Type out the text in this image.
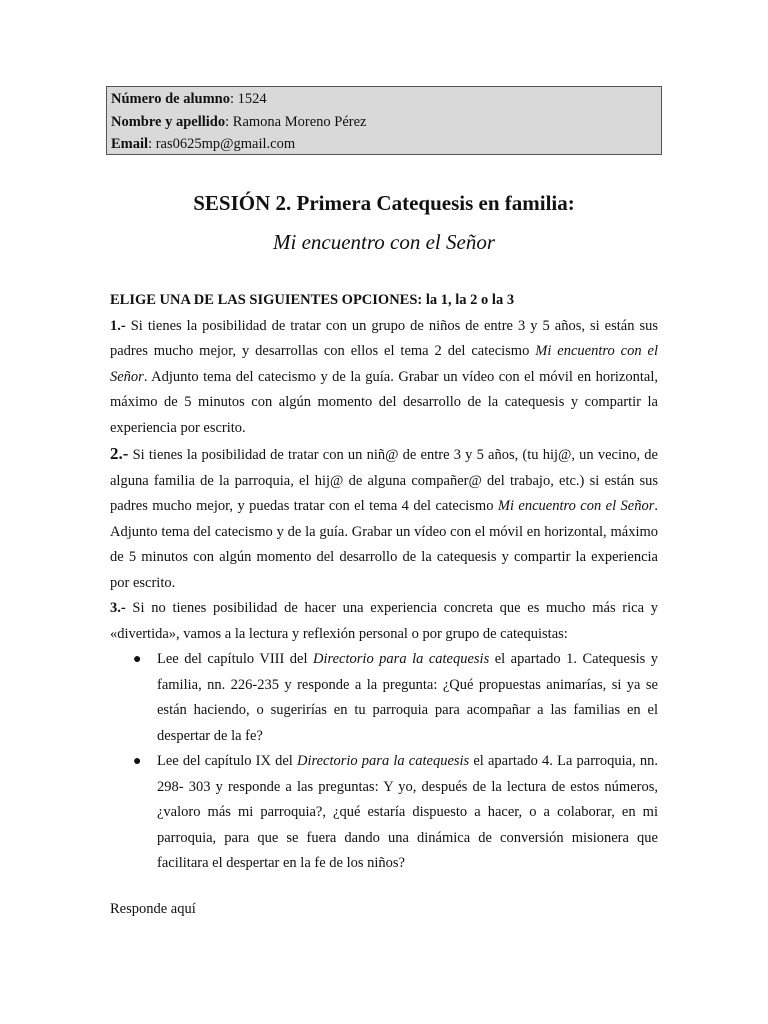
Número de alumno: 1524
Nombre y apellido: Ramona Moreno Pérez
Email: ras0625mp@gmail.com
SESIÓN 2. Primera Catequesis en familia:
Mi encuentro con el Señor

ELIGE UNA DE LAS SIGUIENTES OPCIONES: la 1, la 2 o la 3

1.- Si tienes la posibilidad de tratar con un grupo de niños de entre 3 y 5 años, si están sus padres mucho mejor, y desarrollas con ellos el tema 2 del catecismo Mi encuentro con el Señor. Adjunto tema del catecismo y de la guía. Grabar un vídeo con el móvil en horizontal, máximo de 5 minutos con algún momento del desarrollo de la catequesis y compartir la experiencia por escrito.

2.- Si tienes la posibilidad de tratar con un niñ@ de entre 3 y 5 años, (tu hij@, un vecino, de alguna familia de la parroquia, el hij@ de alguna compañer@ del trabajo, etc.) si están sus padres mucho mejor, y puedas tratar con el tema 4 del catecismo Mi encuentro con el Señor. Adjunto tema del catecismo y de la guía. Grabar un vídeo con el móvil en horizontal, máximo de 5 minutos con algún momento del desarrollo de la catequesis y compartir la experiencia por escrito.

3.- Si no tienes posibilidad de hacer una experiencia concreta que es mucho más rica y «divertida», vamos a la lectura y reflexión personal o por grupo de catequistas:

● Lee del capítulo VIII del Directorio para la catequesis el apartado 1. Catequesis y familia, nn. 226-235 y responde a la pregunta: ¿Qué propuestas animarías, si ya se están haciendo, o sugerirías en tu parroquia para acompañar a las familias en el despertar de la fe?
● Lee del capítulo IX del Directorio para la catequesis el apartado 4. La parroquia, nn. 298- 303 y responde a las preguntas: Y yo, después de la lectura de estos números, ¿valoro más mi parroquia?, ¿qué estaría dispuesto a hacer, o a colaborar, en mi parroquia, para que se fuera dando una dinámica de conversión misionera que facilitara el despertar en la fe de los niños?
Responde aquí
